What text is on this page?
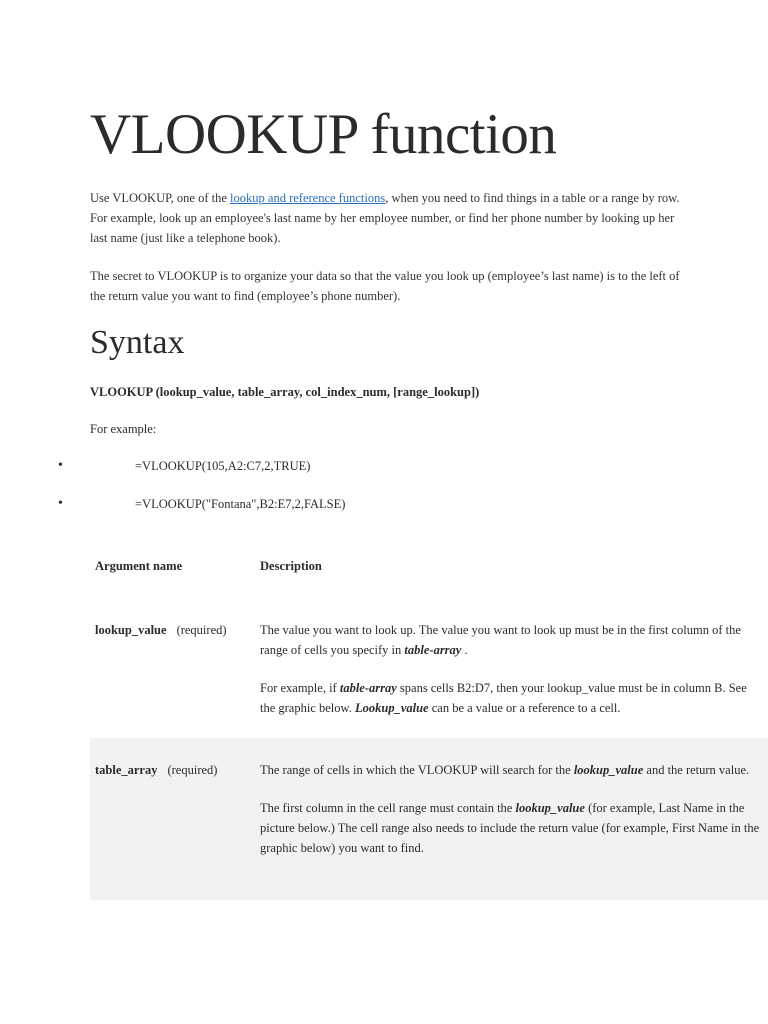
VLOOKUP function

Use VLOOKUP, one of the lookup and reference functions, when you need to find things in a table or a range by row. For example, look up an employee's last name by her employee number, or find her phone number by looking up her last name (just like a telephone book).

The secret to VLOOKUP is to organize your data so that the value you look up (employee’s last name) is to the left of the return value you want to find (employee’s phone number).

Syntax

VLOOKUP (lookup_value, table_array, col_index_num, [range_lookup])

For example:

•	=VLOOKUP(105,A2:C7,2,TRUE)
•	=VLOOKUP("Fontana",B2:E7,2,FALSE)
Argument name	Description
lookup_value (required)	The value you want to look up. The value you want to look up must be in the first column of the range of cells you specify in table-array .

For example, if table-array spans cells B2:D7, then your lookup_value must be in column B. See the graphic below. Lookup_value can be a value or a reference to a cell.

table_array (required)	The range of cells in which the VLOOKUP will search for the lookup_value and the return value.

The first column in the cell range must contain the lookup_value (for example, Last Name in the picture below.) The cell range also needs to include the return value (for example, First Name in the graphic below) you want to find.
